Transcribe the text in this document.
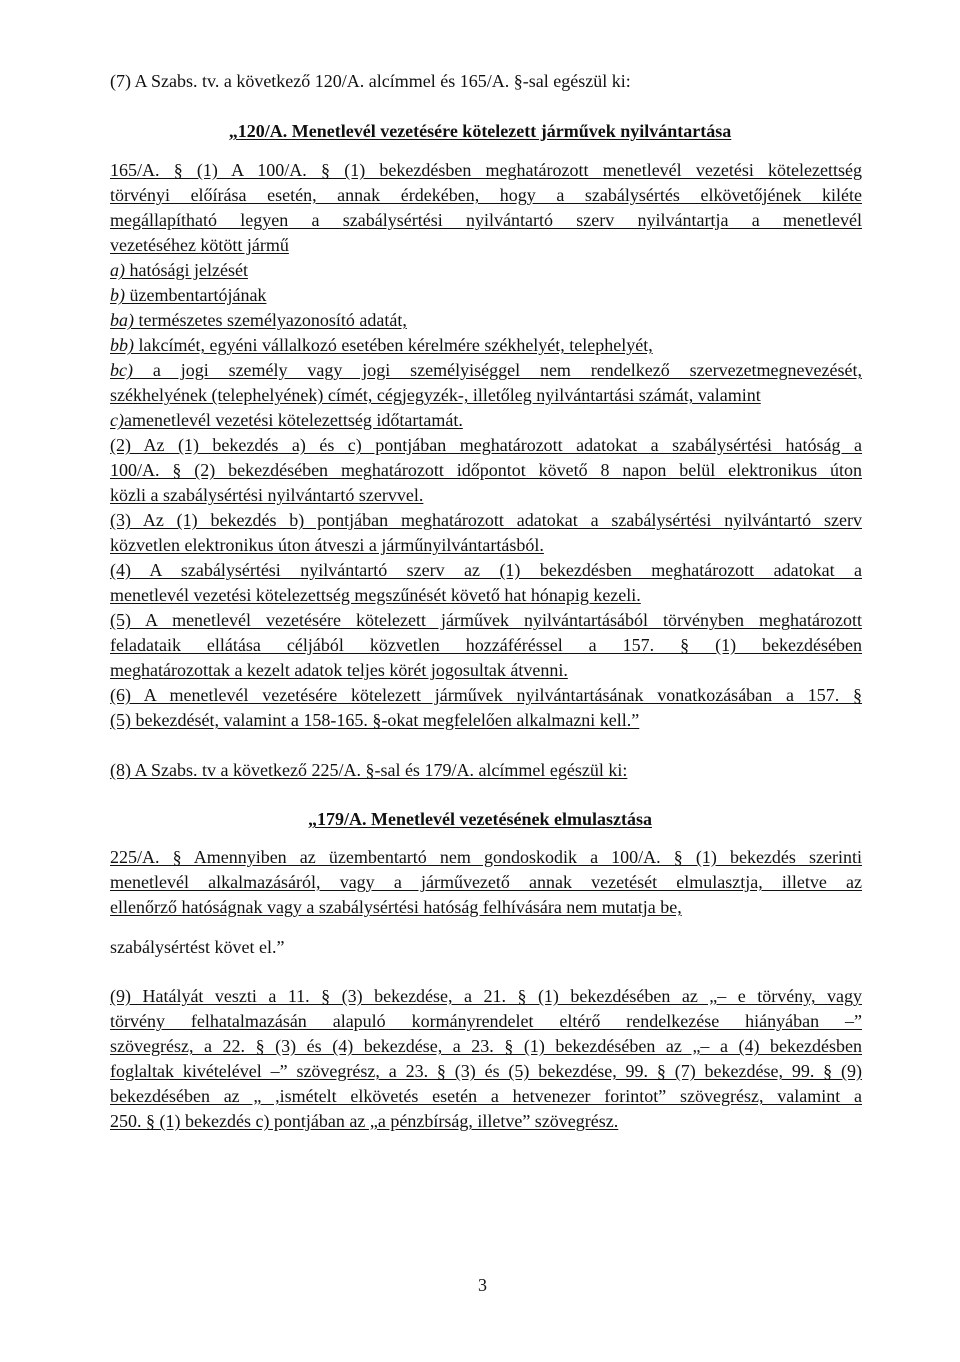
(7) A Szabs. tv. a következő 120/A. alcímmel és 165/A. §-sal egészül ki:
„120/A. Menetlevél vezetésére kötelezett járművek nyilvántartása
165/A. § (1) A 100/A. § (1) bekezdésben meghatározott menetlevél vezetési kötelezettség
törvényi előírása esetén, annak érdekében, hogy a szabálysértés elkövetőjének kiléte
megállapítható legyen a szabálysértési nyilvántartó szerv nyilvántartja a menetlevél
vezetéséhez kötött jármű
a) hatósági jelzését
b) üzembentartójának
ba) természetes személyazonosító adatát,
bb) lakcímét, egyéni vállalkozó esetében kérelmére székhelyét, telephelyét,
bc) a jogi személy vagy jogi személyiséggel nem rendelkező szervezetmegnevezését,
székhelyének (telephelyének) címét, cégjegyzék-, illetőleg nyilvántartási számát, valamint
c)amenetlevél vezetési kötelezettség időtartamát.
(2) Az (1) bekezdés a) és c) pontjában meghatározott adatokat a szabálysértési hatóság a
100/A. § (2) bekezdésében meghatározott időpontot követő 8 napon belül elektronikus úton
közli a szabálysértési nyilvántartó szervvel.
(3) Az (1) bekezdés b) pontjában meghatározott adatokat a szabálysértési nyilvántartó szerv
közvetlen elektronikus úton átveszi a járműnyilvántartásból.
(4) A szabálysértési nyilvántartó szerv az (1) bekezdésben meghatározott adatokat a
menetlevél vezetési kötelezettség megszűnését követő hat hónapig kezeli.
(5) A menetlevél vezetésére kötelezett járművek nyilvántartásából törvényben meghatározott
feladataik ellátása céljából közvetlen hozzáféréssel a 157. § (1) bekezdésében
meghatározottak a kezelt adatok teljes körét jogosultak átvenni.
(6) A menetlevél vezetésére kötelezett járművek nyilvántartásának vonatkozásában a 157. §
(5) bekezdését, valamint a 158-165. §-okat megfelelően alkalmazni kell.”
(8) A Szabs. tv a következő 225/A. §-sal és 179/A. alcímmel egészül ki:
„179/A. Menetlevél vezetésének elmulasztása
225/A. § Amennyiben az üzembentartó nem gondoskodik a 100/A. § (1) bekezdés szerinti
menetlevél alkalmazásáról, vagy a járművezető annak vezetését elmulasztja, illetve az
ellenőrző hatóságnak vagy a szabálysértési hatóság felhívására nem mutatja be,
szabálysértést követ el.”
(9) Hatályát veszti a 11. § (3) bekezdése, a 21. § (1) bekezdésében az „– e törvény, vagy
törvény felhatalmazásán alapuló kormányrendelet eltérő rendelkezése hiányában –”
szövegrész, a 22. § (3) és (4) bekezdése, a 23. § (1) bekezdésében az „– a (4) bekezdésben
foglaltak kivételével –” szövegrész, a 23. § (3) és (5) bekezdése, 99. § (7) bekezdése, 99. § (9)
bekezdésében az „ ,ismételt elkövetés esetén a hetvenezer forintot” szövegrész, valamint a
250. § (1) bekezdés c) pontjában az „a pénzbírság, illetve” szövegrész.
3
